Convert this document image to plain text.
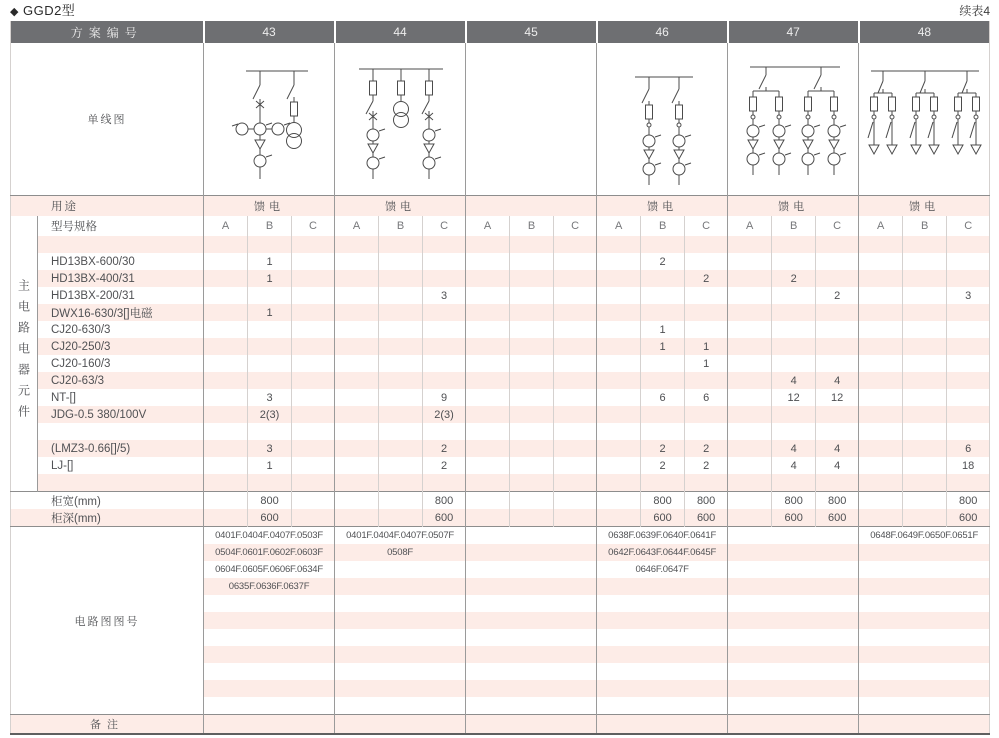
◆ GGD2型	续表4
方案编号		43			44			45			46			47			48		
单线图	

用途		馈电			馈电						馈电			馈电			馈电		
主电路电器元件	型号规格	A	B	C	A	B	C	A	B	C	A	B	C	A	B	C	A	B	C

	HD13BX-600/30		1									2							
	HD13BX-400/31		1										2		2				
	HD13BX-200/31						3									2			3
	DWX16-630/3[]电磁		1																
	CJ20-630/3											1							
	CJ20-250/3											1	1						
	CJ20-160/3												1						
	CJ20-63/3														4	4			
	NT-[]		3				9					6	6		12	12			
	JDG-0.5 380/100V		2(3)				2(3)												

	(LMZ3-0.66[]/5)		3				2					2	2		4	4			6
	LJ-[]		1				2					2	2		4	4			18

柜宽(mm)			800				800					800	800		800	800			800
柜深(mm)			600				600					600	600		600	600			600
电路图图号		0401F.0404F.0407F.0503F			0401F.0404F.0407F.0507F						0638F.0639F.0640F.0641F						0648F.0649F.0650F.0651F		
		0504F.0601F.0602F.0603F			0508F						0642F.0643F.0644F.0645F								
		0604F.0605F.0606F.0634F									0646F.0647F								
		0635F.0636F.0637F																	

备注																			
